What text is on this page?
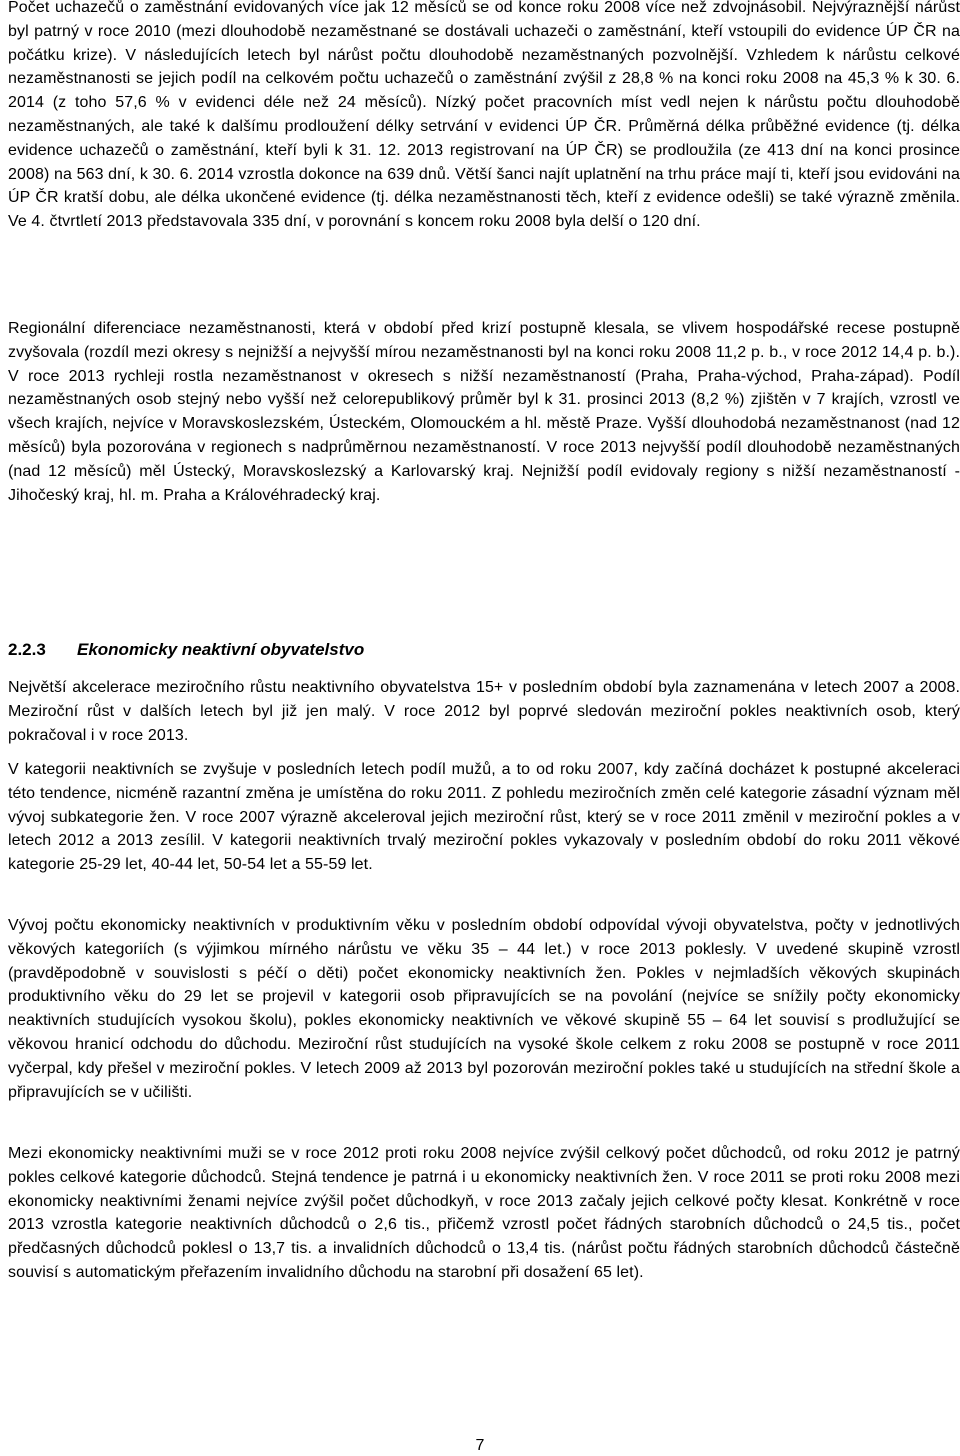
Počet uchazečů o zaměstnání evidovaných více jak 12 měsíců se od konce roku 2008 více než zdvojnásobil. Nejvýraznější nárůst byl patrný v roce 2010 (mezi dlouhodobě nezaměstnané se dostávali uchazeči o zaměstnání, kteří vstoupili do evidence ÚP ČR na počátku krize). V následujících letech byl nárůst počtu dlouhodobě nezaměstnaných pozvolnější. Vzhledem k nárůstu celkové nezaměstnanosti se jejich podíl na celkovém počtu uchazečů o zaměstnání zvýšil z 28,8 % na konci roku 2008 na 45,3 % k 30. 6. 2014 (z toho 57,6 % v evidenci déle než 24 měsíců). Nízký počet pracovních míst vedl nejen k nárůstu počtu dlouhodobě nezaměstnaných, ale také k dalšímu prodloužení délky setrvání v evidenci ÚP ČR. Průměrná délka průběžné evidence (tj. délka evidence uchazečů o zaměstnání, kteří byli k 31. 12. 2013 registrovaní na ÚP ČR) se prodloužila (ze 413 dní na konci prosince 2008) na 563 dní, k 30. 6. 2014 vzrostla dokonce na 639 dnů. Větší šanci najít uplatnění na trhu práce mají ti, kteří jsou evidováni na ÚP ČR kratší dobu, ale délka ukončené evidence (tj. délka nezaměstnanosti těch, kteří z evidence odešli) se také výrazně změnila. Ve 4. čtvrtletí 2013 představovala 335 dní, v porovnání s koncem roku 2008 byla delší o 120 dní.

Regionální diferenciace nezaměstnanosti, která v období před krizí postupně klesala, se vlivem hospodářské recese postupně zvyšovala (rozdíl mezi okresy s nejnižší a nejvyšší mírou nezaměstnanosti byl na konci roku 2008 11,2 p. b., v roce 2012 14,4 p. b.). V roce 2013 rychleji rostla nezaměstnanost v okresech s nižší nezaměstnaností (Praha, Praha-východ, Praha-západ). Podíl nezaměstnaných osob stejný nebo vyšší než celorepublikový průměr byl k 31. prosinci 2013 (8,2 %) zjištěn v 7 krajích, vzrostl ve všech krajích, nejvíce v Moravskoslezském, Ústeckém, Olomouckém a hl. městě Praze. Vyšší dlouhodobá nezaměstnanost (nad 12 měsíců) byla pozorována v regionech s nadprůměrnou nezaměstnaností. V roce 2013 nejvyšší podíl dlouhodobě nezaměstnaných (nad 12 měsíců) měl Ústecký, Moravskoslezský a Karlovarský kraj. Nejnižší podíl evidovaly regiony s nižší nezaměstnaností - Jihočeský kraj, hl. m. Praha a Královéhradecký kraj.

2.2.3 Ekonomicky neaktivní obyvatelstvo

Největší akcelerace meziročního růstu neaktivního obyvatelstva 15+ v posledním období byla zaznamenána v letech 2007 a 2008. Meziroční růst v dalších letech byl již jen malý. V roce 2012 byl poprvé sledován meziroční pokles neaktivních osob, který pokračoval i v roce 2013.

V kategorii neaktivních se zvyšuje v posledních letech podíl mužů, a to od roku 2007, kdy začíná docházet k postupné akceleraci této tendence, nicméně razantní změna je umístěna do roku 2011. Z pohledu meziročních změn celé kategorie zásadní význam měl vývoj subkategorie žen. V roce 2007 výrazně akceleroval jejich meziroční růst, který se v roce 2011 změnil v meziroční pokles a v letech 2012 a 2013 zesílil. V kategorii neaktivních trvalý meziroční pokles vykazovaly v posledním období do roku 2011 věkové kategorie 25-29 let, 40-44 let, 50-54 let a 55-59 let.

Vývoj počtu ekonomicky neaktivních v produktivním věku v posledním období odpovídal vývoji obyvatelstva, počty v jednotlivých věkových kategoriích (s výjimkou mírného nárůstu ve věku 35 – 44 let.) v roce 2013 poklesly. V uvedené skupině vzrostl (pravděpodobně v souvislosti s péčí o děti) počet ekonomicky neaktivních žen. Pokles v nejmladších věkových skupinách produktivního věku do 29 let se projevil v kategorii osob připravujících se na povolání (nejvíce se snížily počty ekonomicky neaktivních studujících vysokou školu), pokles ekonomicky neaktivních ve věkové skupině 55 – 64 let souvisí s prodlužující se věkovou hranicí odchodu do důchodu. Meziroční růst studujících na vysoké škole celkem z roku 2008 se postupně v roce 2011 vyčerpal, kdy přešel v meziroční pokles. V letech 2009 až 2013 byl pozorován meziroční pokles také u studujících na střední škole a připravujících se v učilišti.

Mezi ekonomicky neaktivními muži se v roce 2012 proti roku 2008 nejvíce zvýšil celkový počet důchodců, od roku 2012 je patrný pokles celkové kategorie důchodců. Stejná tendence je patrná i u ekonomicky neaktivních žen. V roce 2011 se proti roku 2008 mezi ekonomicky neaktivními ženami nejvíce zvýšil počet důchodkyň, v roce 2013 začaly jejich celkové počty klesat. Konkrétně v roce 2013 vzrostla kategorie neaktivních důchodců o 2,6 tis., přičemž vzrostl počet řádných starobních důchodců o 24,5 tis., počet předčasných důchodců poklesl o 13,7 tis. a invalidních důchodců o 13,4 tis. (nárůst počtu řádných starobních důchodců částečně souvisí s automatickým přeřazením invalidního důchodu na starobní při dosažení 65 let).

7
